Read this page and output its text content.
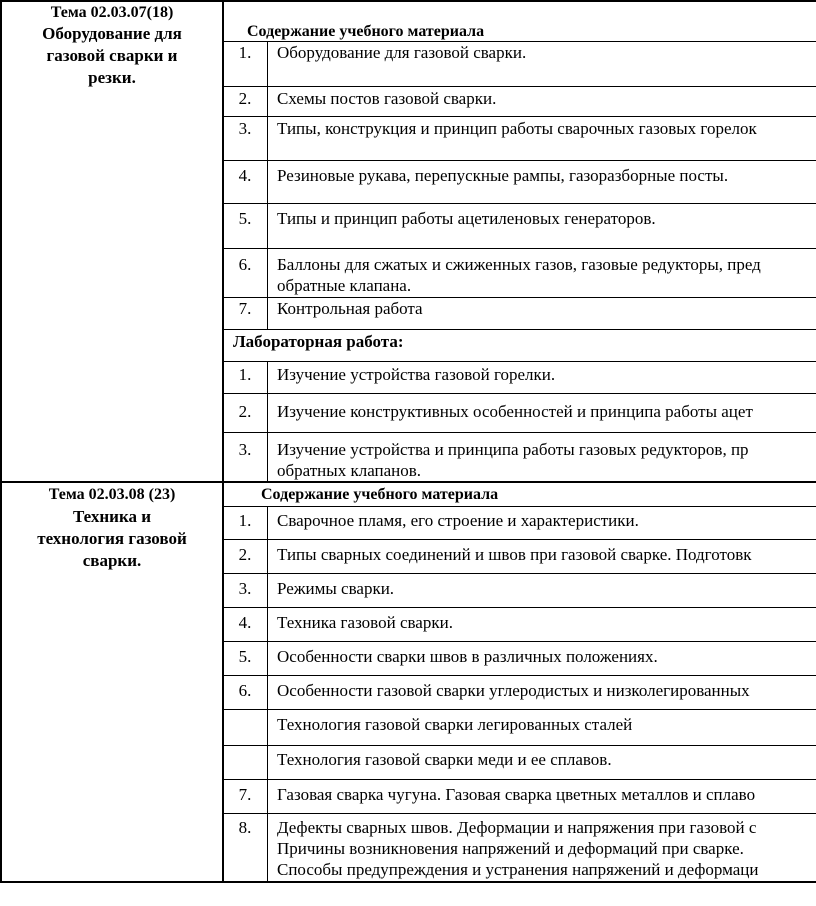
Тема 02.03.07(18)
Оборудование для
газовой сварки и
резки.
Содержание учебного материала
1.	Оборудование для газовой сварки.
2.	Схемы постов газовой сварки.
3.	Типы, конструкция и принцип работы сварочных газовых горелок
4.	Резиновые рукава, перепускные рампы, газоразборные посты.
5.	Типы и принцип работы ацетиленовых генераторов.
6.	Баллоны для сжатых и сжиженных газов, газовые редукторы, пред
обратные клапана.
7.	Контрольная работа
Лабораторная работа:
1.	Изучение устройства газовой горелки.
2.	Изучение конструктивных особенностей и принципа работы ацет
3.	Изучение устройства и принципа работы газовых редукторов, пр
обратных клапанов.
Тема 02.03.08 (23)
Техника и
технология газовой
сварки.
Содержание учебного материала
1.	Сварочное пламя, его строение и характеристики.
2.	Типы сварных соединений и швов при газовой сварке. Подготовк
3.	Режимы сварки.
4.	Техника газовой сварки.
5.	Особенности сварки швов в различных положениях.
6.	Особенности газовой сварки углеродистых и низколегированных
Технология газовой сварки легированных сталей
Технология газовой сварки меди и ее сплавов.
7.	Газовая сварка чугуна. Газовая сварка цветных металлов и сплаво
8.	Дефекты сварных швов. Деформации и напряжения при газовой с
Причины возникновения напряжений и деформаций при сварке.
Способы предупреждения и устранения напряжений и деформаци
